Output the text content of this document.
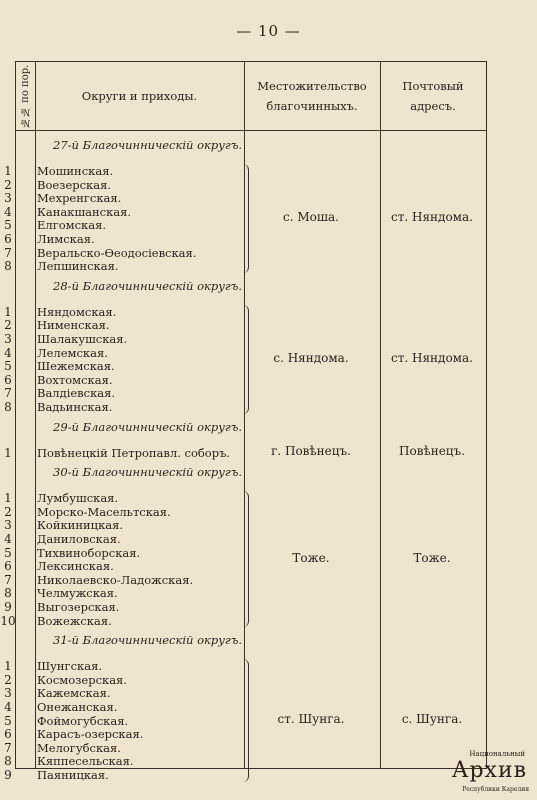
— 10 —
№№ по пор.	Округи и приходы.
Местожительство
благочинныхъ.
Почтовый
адресъ.
27-й Благочинническій округъ.
1	Мошинская.
2	Воезерская.
3	Мехренгская.
4	Канакшанская.
5	Елгомская.
6	Лимская.
7	Веральско-Өеодосіевская.
8	Лепшинская.
с. Моша.	ст. Няндома.
28-й Благочинническій округъ.
1	Няндомская.
2	Нименская.
3	Шалакушская.
4	Лелемская.
5	Шежемская.
6	Вохтомская.
7	Валдіевская.
8	Вадьинская.
с. Няндома.	ст. Няндома.
29-й Благочинническій округъ.
1	Повѣнецкій Петропавл. соборъ.	г. Повѣнецъ.	Повѣнецъ.
30-й Благочинническій округъ.
1	Лумбушская.
2	Морско-Масельтская.
3	Койкиницкая.
4	Даниловская.
5	Тихвиноборская.
6	Лексинская.
7	Николаевско-Ладожская.
8	Челмужская.
9	Выгозерская.
10 Вожежская.
Тоже.	Тоже.
31-й Благочинническій округъ.
1	Шунгская.
2	Космозерская.
3	Кажемская.
4	Онежанская.
5	Фоймогубская.
6	Карасъ-озерская.
7	Мелогубская.
8	Кяппесельская.
9	Паяницкая.
ст. Шунга.	с. Шунга.
Национальный
Архив
Республики Карелия
